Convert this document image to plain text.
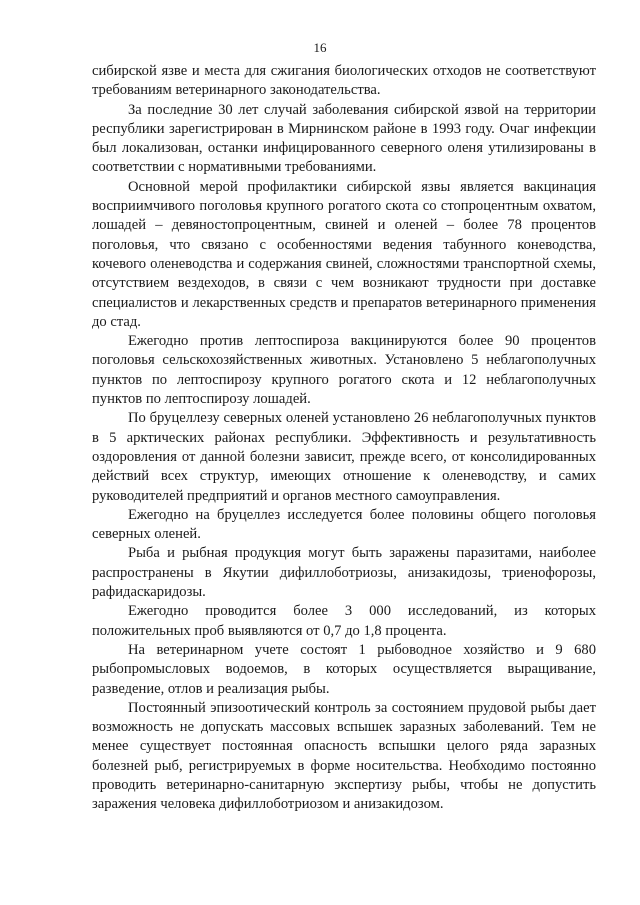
16

сибирской язве и места для сжигания биологических отходов не соответствуют требованиям ветеринарного законодательства.

За последние 30 лет случай заболевания сибирской язвой на территории республики зарегистрирован в Мирнинском районе в 1993 году. Очаг инфекции был локализован, останки инфицированного северного оленя утилизированы в соответствии с нормативными требованиями.

Основной мерой профилактики сибирской язвы является вакцинация восприимчивого поголовья крупного рогатого скота со стопроцентным охватом, лошадей – девяностопроцентным, свиней и оленей – более 78 процентов поголовья, что связано с особенностями ведения табунного коневодства, кочевого оленеводства и содержания свиней, сложностями транспортной схемы, отсутствием вездеходов, в связи с чем возникают трудности при доставке специалистов и лекарственных средств и препаратов ветеринарного применения до стад.

Ежегодно против лептоспироза вакцинируются более 90 процентов поголовья сельскохозяйственных животных. Установлено 5 неблагополучных пунктов по лептоспирозу крупного рогатого скота и 12 неблагополучных пунктов по лептоспирозу лошадей.

По бруцеллезу северных оленей установлено 26 неблагополучных пунктов в 5 арктических районах республики. Эффективность и результативность оздоровления от данной болезни зависит, прежде всего, от консолидированных действий всех структур, имеющих отношение к оленеводству, и самих руководителей предприятий и органов местного самоуправления.

Ежегодно на бруцеллез исследуется более половины общего поголовья северных оленей.

Рыба и рыбная продукция могут быть заражены паразитами, наиболее распространены в Якутии дифиллоботриозы, анизакидозы, триенофорозы, рафидаскаридозы.

Ежегодно проводится более 3 000 исследований, из которых положительных проб выявляются от 0,7 до 1,8 процента.

На ветеринарном учете состоят 1 рыбоводное хозяйство и 9 680 рыбопромысловых водоемов, в которых осуществляется выращивание, разведение, отлов и реализация рыбы.

Постоянный эпизоотический контроль за состоянием прудовой рыбы дает возможность не допускать массовых вспышек заразных заболеваний. Тем не менее существует постоянная опасность вспышки целого ряда заразных болезней рыб, регистрируемых в форме носительства. Необходимо постоянно проводить ветеринарно-санитарную экспертизу рыбы, чтобы не допустить заражения человека дифиллоботриозом и анизакидозом.
